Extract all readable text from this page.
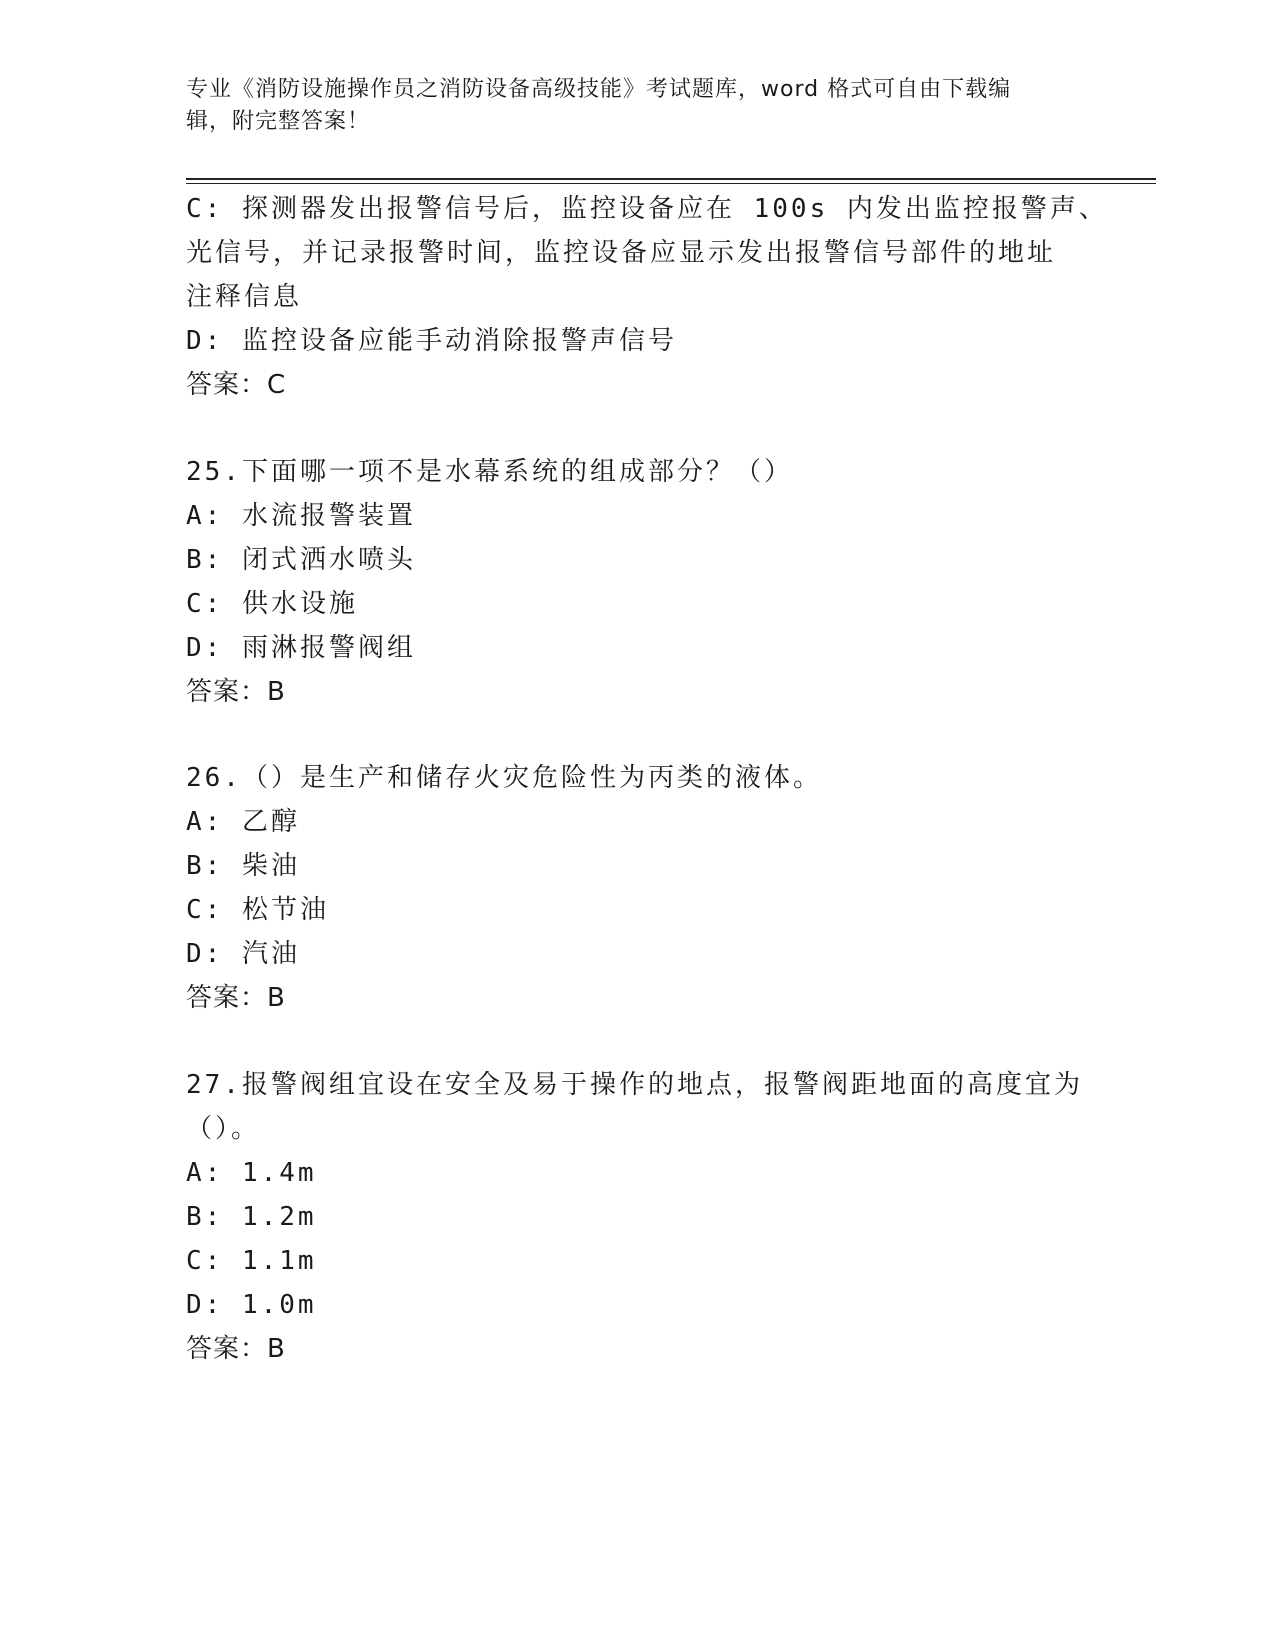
专业《消防设施操作员之消防设备高级技能》考试题库，word 格式可自由下载编
辑，附完整答案！
C: 探测器发出报警信号后，监控设备应在 100s 内发出监控报警声、
光信号，并记录报警时间，监控设备应显示发出报警信号部件的地址
注释信息
D: 监控设备应能手动消除报警声信号
答案：C
25.下面哪一项不是水幕系统的组成部分？（）
A: 水流报警装置
B: 闭式洒水喷头
C: 供水设施
D: 雨淋报警阀组
答案：B
26.（）是生产和储存火灾危险性为丙类的液体。
A: 乙醇
B: 柴油
C: 松节油
D: 汽油
答案：B
27.报警阀组宜设在安全及易于操作的地点，报警阀距地面的高度宜为
（）。
A: 1.4m
B: 1.2m
C: 1.1m
D: 1.0m
答案：B
